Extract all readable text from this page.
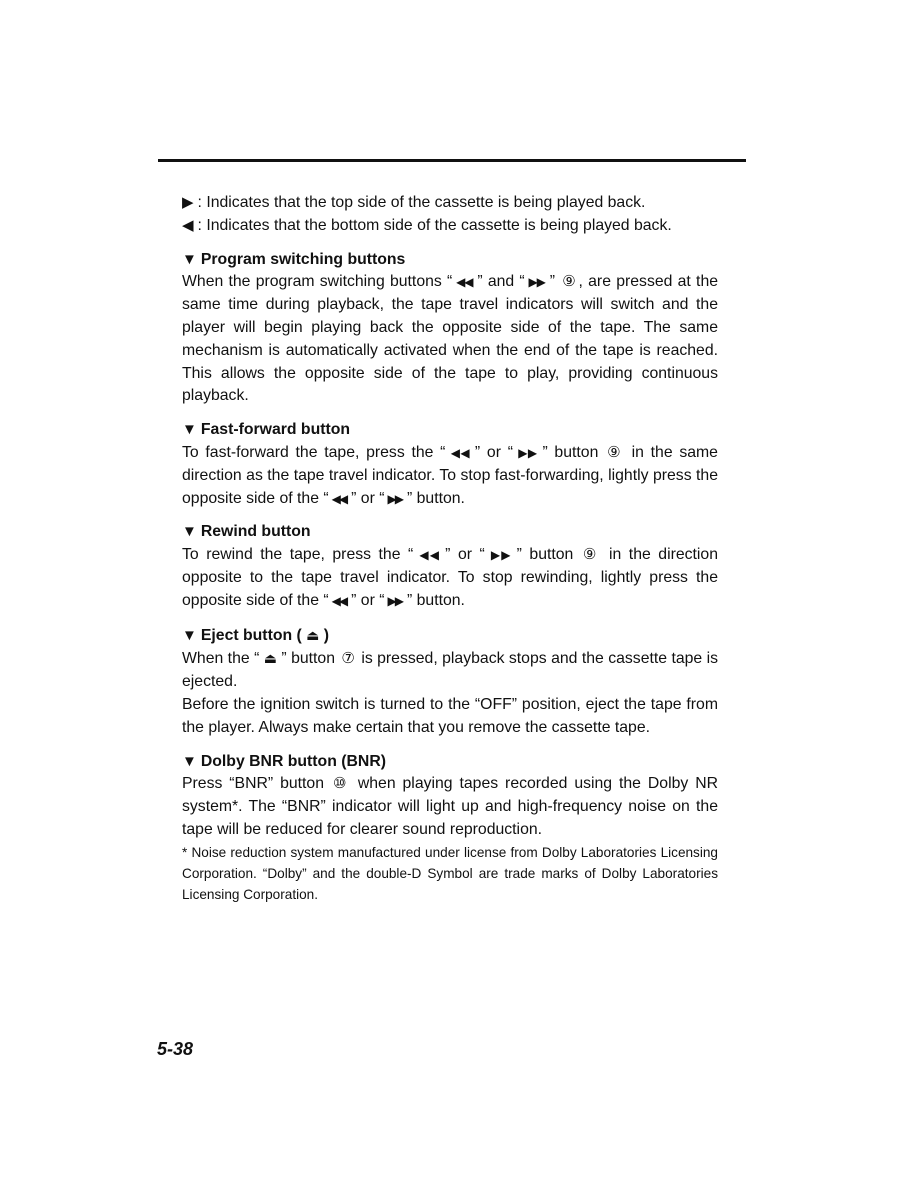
▶ : Indicates that the top side of the cassette is being played back.

◀ : Indicates that the bottom side of the cassette is being played back.

▼ Program switching buttons

When the program switching buttons “ ◀◀ ” and “ ▶▶ ” ⑨ , are pressed at the same time during playback, the tape travel indicators will switch and the player will begin playing back the opposite side of the tape. The same mechanism is automatically activated when the end of the tape is reached. This allows the opposite side of the tape to play, providing continuous playback.

▼ Fast-forward button

To fast-forward the tape, press the “ ◀◀ ” or “ ▶▶ ” button ⑨ in the same direction as the tape travel indicator. To stop fast-forwarding, lightly press the opposite side of the “ ◀◀ ” or “ ▶▶ ” button.

▼ Rewind button

To rewind the tape, press the “ ◀◀ ” or “ ▶▶ ” button ⑨ in the direction opposite to the tape travel indicator. To stop rewinding, lightly press the opposite side of the “ ◀◀ ” or “ ▶▶ ” button.

▼ Eject button ( ⏏ )

When the “ ⏏ ” button ⑦ is pressed, playback stops and the cassette tape is ejected.

Before the ignition switch is turned to the “OFF” position, eject the tape from the player. Always make certain that you remove the cassette tape.

▼ Dolby BNR button (BNR)

Press “BNR” button ⑩ when playing tapes recorded using the Dolby NR system*. The “BNR” indicator will light up and high-frequency noise on the tape will be reduced for clearer sound reproduction.

* Noise reduction system manufactured under license from Dolby Laboratories Licensing Corporation. “Dolby” and the double-D Symbol are trade marks of Dolby Laboratories Licensing Corporation.

5-38
